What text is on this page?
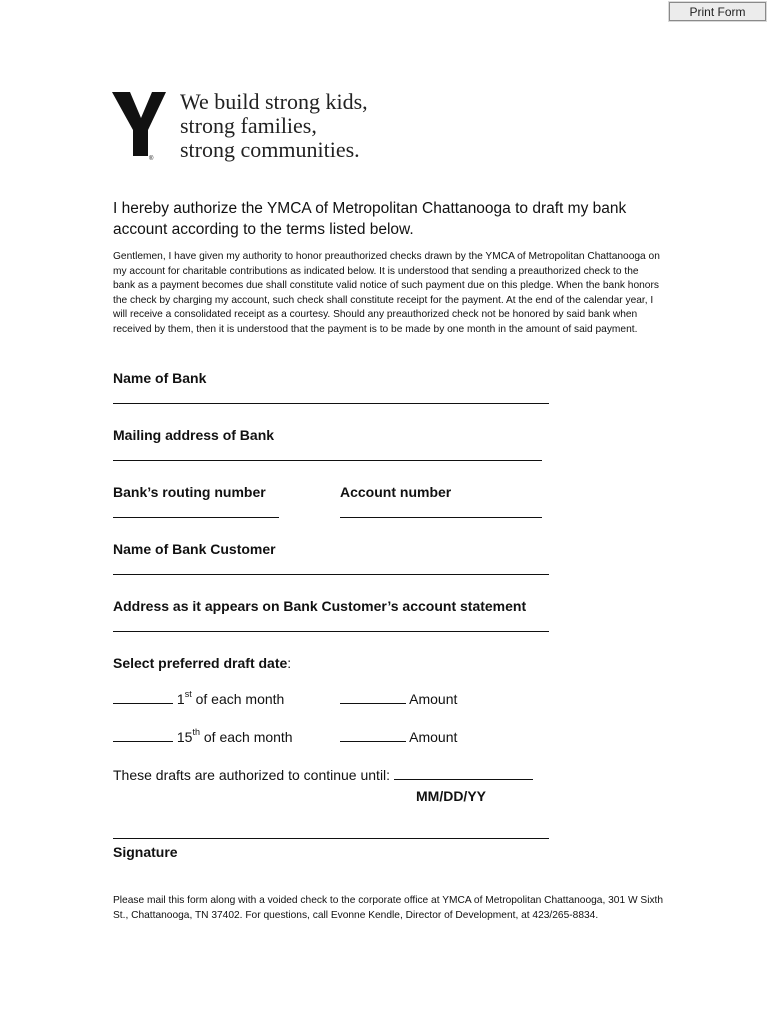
Print Form
®
We build strong kids,
strong families,
strong communities.
I hereby authorize the YMCA of Metropolitan Chattanooga to draft my bank account according to the terms listed below.
Gentlemen, I have given my authority to honor preauthorized checks drawn by the YMCA of Metropolitan Chattanooga on my account for charitable contributions as indicated below. It is understood that sending a preauthorized check to the bank as a payment becomes due shall constitute valid notice of such payment due on this pledge. When the bank honors the check by charging my account, such check shall constitute receipt for the payment. At the end of the calendar year, I will receive a consolidated receipt as a courtesy. Should any preauthorized check not be honored by said bank when received by them, then it is understood that the payment is to be made by one month in the amount of said payment.
Name of Bank
Mailing address of Bank
Bank’s routing number	Account number
Name of Bank Customer
Address as it appears on Bank Customer’s account statement
Select preferred draft date:
1st of each month	Amount
15th of each month	Amount
These drafts are authorized to continue until:
MM/DD/YY
Signature
Please mail this form along with a voided check to the corporate office at YMCA of Metropolitan Chattanooga, 301 W Sixth St., Chattanooga, TN 37402. For questions, call Evonne Kendle, Director of Development, at 423/265-8834.
